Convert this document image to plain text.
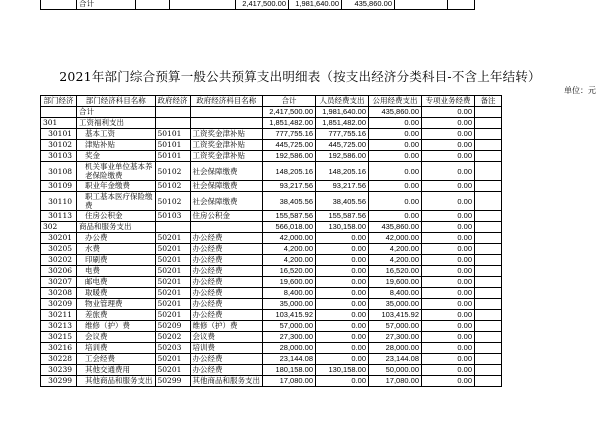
	合计			2,417,500.00	1,981,640.00	435,860.00		
2021年部门综合预算一般公共预算支出明细表（按支出经济分类科目-不含上年结转）
单位：元
部门经济	部门经济科目名称	政府经济	政府经济科目名称	合计	人员经费支出	公用经费支出	专项业务经费	备注
	合计			2,417,500.00	1,981,640.00	435,860.00	0.00	
301	工资福利支出			1,851,482.00	1,851,482.00	0.00	0.00	
30101	基本工资	50101	工资奖金津补贴	777,755.16	777,755.16	0.00	0.00	
30102	津贴补贴	50101	工资奖金津补贴	445,725.00	445,725.00	0.00	0.00	
30103	奖金	50101	工资奖金津补贴	192,586.00	192,586.00	0.00	0.00	
30108	机关事业单位基本养老保险缴费	50102	社会保障缴费	148,205.16	148,205.16	0.00	0.00	
30109	职业年金缴费	50102	社会保障缴费	93,217.56	93,217.56	0.00	0.00	
30110	职工基本医疗保险缴费	50102	社会保障缴费	38,405.56	38,405.56	0.00	0.00	
30113	住房公积金	50103	住房公积金	155,587.56	155,587.56	0.00	0.00	
302	商品和服务支出			566,018.00	130,158.00	435,860.00	0.00	
30201	办公费	50201	办公经费	42,000.00	0.00	42,000.00	0.00	
30205	水费	50201	办公经费	4,200.00	0.00	4,200.00	0.00	
30202	印刷费	50201	办公经费	4,200.00	0.00	4,200.00	0.00	
30206	电费	50201	办公经费	16,520.00	0.00	16,520.00	0.00	
30207	邮电费	50201	办公经费	19,600.00	0.00	19,600.00	0.00	
30208	取暖费	50201	办公经费	8,400.00	0.00	8,400.00	0.00	
30209	物业管理费	50201	办公经费	35,000.00	0.00	35,000.00	0.00	
30211	差旅费	50201	办公经费	103,415.92	0.00	103,415.92	0.00	
30213	维修（护）费	50209	维修（护）费	57,000.00	0.00	57,000.00	0.00	
30215	会议费	50202	会议费	27,300.00	0.00	27,300.00	0.00	
30216	培训费	50203	培训费	28,000.00	0.00	28,000.00	0.00	
30228	工会经费	50201	办公经费	23,144.08	0.00	23,144.08	0.00	
30239	其他交通费用	50201	办公经费	180,158.00	130,158.00	50,000.00	0.00	
30299	其他商品和服务支出	50299	其他商品和服务支出	17,080.00	0.00	17,080.00	0.00	
